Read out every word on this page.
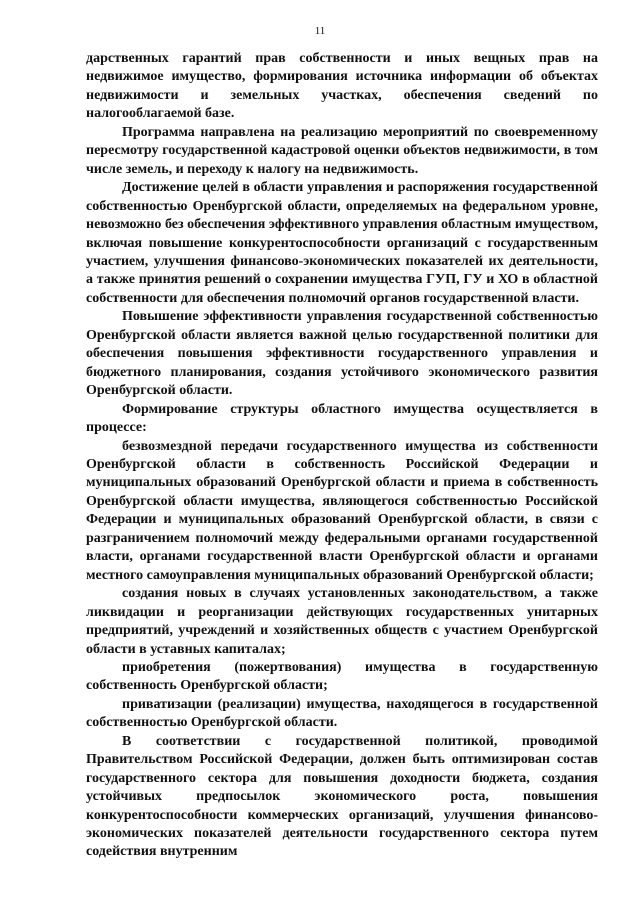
11

дарственных гарантий прав собственности и иных вещных прав на недвижимое имущество, формирования источника информации об объектах недвижимости и земельных участках, обеспечения сведений по налогооблагаемой базе.

Программа направлена на реализацию мероприятий по своевременному пересмотру государственной кадастровой оценки объектов недвижимости, в том числе земель, и переходу к налогу на недвижимость.

Достижение целей в области управления и распоряжения государственной собственностью Оренбургской области, определяемых на федеральном уровне, невозможно без обеспечения эффективного управления областным имуществом, включая повышение конкурентоспособности организаций с государственным участием, улучшения финансово-экономических показателей их деятельности, а также принятия решений о сохранении имущества ГУП, ГУ и ХО в областной собственности для обеспечения полномочий органов государственной власти.

Повышение эффективности управления государственной собственностью Оренбургской области является важной целью государственной политики для обеспечения повышения эффективности государственного управления и бюджетного планирования, создания устойчивого экономического развития Оренбургской области.

Формирование структуры областного имущества осуществляется в процессе:

безвозмездной передачи государственного имущества из собственности Оренбургской области в собственность Российской Федерации и муниципальных образований Оренбургской области и приема в собственность Оренбургской области имущества, являющегося собственностью Российской Федерации и муниципальных образований Оренбургской области, в связи с разграничением полномочий между федеральными органами государственной власти, органами государственной власти Оренбургской области и органами местного самоуправления муниципальных образований Оренбургской области;

создания новых в случаях установленных законодательством, а также ликвидации и реорганизации действующих государственных унитарных предприятий, учреждений и хозяйственных обществ с участием Оренбургской области в уставных капиталах;

приобретения (пожертвования) имущества в государственную собственность Оренбургской области;

приватизации (реализации) имущества, находящегося в государственной собственностью Оренбургской области.

В соответствии с государственной политикой, проводимой Правительством Российской Федерации, должен быть оптимизирован состав государственного сектора для повышения доходности бюджета, создания устойчивых предпосылок экономического роста, повышения конкурентоспособности коммерческих организаций, улучшения финансово-экономических показателей деятельности государственного сектора путем содействия внутренним
